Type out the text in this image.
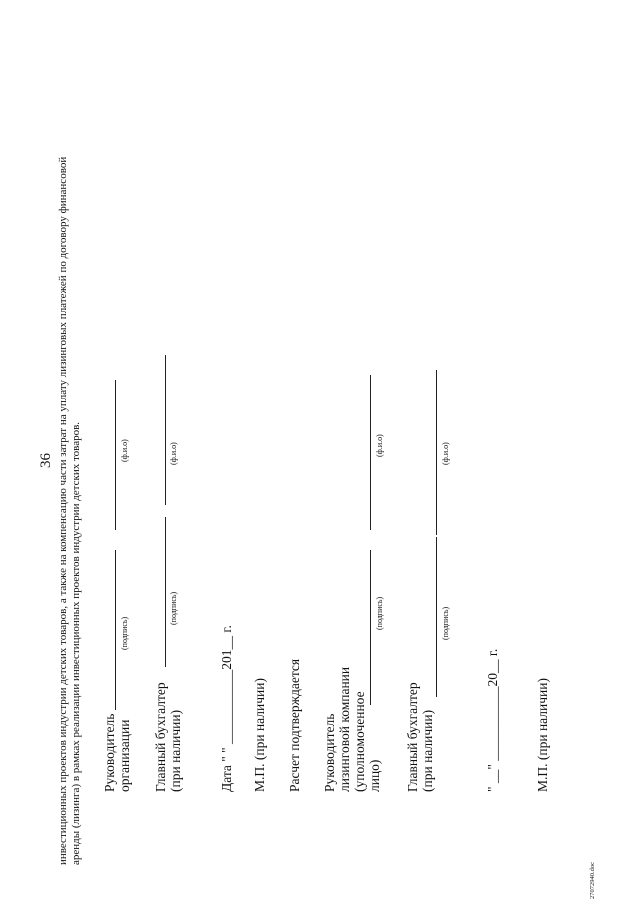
36 инвестиционных проектов индустрии детских товаров, а также на компенсацию части затрат на уплату лизинговых платежей по договору финансовой аренды (лизинга) в рамках реализации инвестиционных проектов индустрии детских товаров. Руководитель
организации
(подпись)
(ф.и.о)
Главный бухгалтер
(при наличии)
(подпись)
(ф.и.о)
Дата " " ___________201__ г. М.П. (при наличии) Расчет подтверждается Руководитель
лизинговой компании
(уполномоченное
лицо)
(подпись)
(ф.и.о)
Главный бухгалтер
(при наличии)
(подпись)
(ф.и.о)
" __" ___________20__ г.	М.П. (при наличии)
27072940.doc
